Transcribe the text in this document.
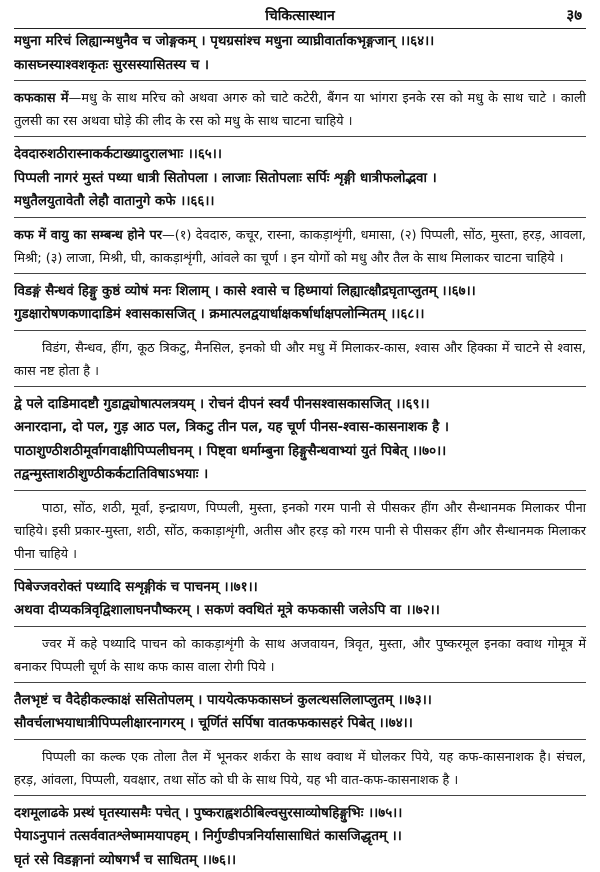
चिकित्सास्थान	३७
मधुना मरिचं लिह्यान्मधुनैव च जोङ्गकम् । पृथग्रसांश्च मधुना व्याघ्रीवार्ताकभृङ्गजान् ।।६४।।
कासघ्नस्याश्वशकृतः सुरसस्यासितस्य च ।

कफकास में—मधु के साथ मरिच को अथवा अगरु को चाटे कटेरी, बैंगन या भांगरा इनके रस को मधु के साथ चाटे । काली तुलसी का रस अथवा घोड़े की लीद के रस को मधु के साथ चाटना चाहिये ।

देवदारुशठीरास्नाकर्कटाख्यादुरालभाः ।।६५।।
पिप्पली नागरं मुस्तं पथ्या धात्री सितोपला । लाजाः सितोपलाः सर्पिः शृङ्गी धात्रीफलोद्भवा ।
मधुतैलयुतावेतौ लेहौ वातानुगे कफे ।।६६।।

कफ में वायु का सम्बन्ध होने पर—(१) देवदारु, कचूर, रास्ना, काकड़ाशृंगी, धमासा, (२) पिप्पली, सोंठ, मुस्ता, हरड़, आवला, मिश्री; (३) लाजा, मिश्री, घी, काकड़ाशृंगी, आंवले का चूर्ण । इन योगों को मधु और तैल के साथ मिलाकर चाटना चाहिये ।

विडङ्गं सैन्धवं हिङ्गु कुष्ठं व्योषं मनः शिलाम् । कासे श्वासे च हिध्मायां लिह्यात्क्षौद्रघृताप्लुतम् ।।६७।।
गुडक्षारोषणकणादाडिमं श्वासकासजित् । क्रमात्पलद्वयार्धाक्षकर्षार्धाक्षपलोन्मितम् ।।६८।।

विडंग, सैन्धव, हींग, कूठ त्रिकटु, मैनसिल, इनको घी और मधु में मिलाकर-कास, श्वास और हिक्का में चाटने से श्वास, कास नष्ट होता है ।

द्वे पले दाडिमादष्टौ गुडाद्व्योषात्पलत्रयम् । रोचनं दीपनं स्वर्यं पीनसश्वासकासजित् ।।६९।।
अनारदाना, दो पल, गुड़ आठ पल, त्रिकटु तीन पल, यह चूर्ण पीनस-श्वास-कासनाशक है ।
पाठाशुण्ठीशठीमूर्वागवाक्षीपिप्पलीघनम् । पिष्ट्वा धर्माम्बुना हिङ्गुसैन्धवाभ्यां युतं पिबेत् ।।७०।।
तद्वन्मुस्ताशठीशुण्ठीकर्कटातिविषाऽभयाः ।

पाठा, सोंठ, शठी, मूर्वा, इन्द्रायण, पिप्पली, मुस्ता, इनको गरम पानी से पीसकर हींग और सैन्धानमक मिलाकर पीना चाहिये। इसी प्रकार-मुस्ता, शठी, सोंठ, ककाड़ाशृंगी, अतीस और हरड़ को गरम पानी से पीसकर हींग और सैन्धानमक मिलाकर पीना चाहिये ।

पिबेज्जवरोक्तं पथ्यादि सशृङ्गीकं च पाचनम् ।।७१।।
अथवा दीप्यकत्रिवृद्विशालाघनपौष्करम् । सकणं क्वथितं मूत्रे कफकासी जलेऽपि वा ।।७२।।

ज्वर में कहे पथ्यादि पाचन को काकड़ाशृंगी के साथ अजवायन, त्रिवृत, मुस्ता, और पुष्करमूल इनका क्वाथ गोमूत्र में बनाकर पिप्पली चूर्ण के साथ कफ कास वाला रोगी पिये ।

तैलभृष्टं च वैदेहीकल्काक्षं ससितोपलम् । पाययेत्कफकासघ्नं कुलत्थसलिलाप्लुतम् ।।७३।।
सौवर्चलाभयाधात्रीपिप्पलीक्षारनागरम् । चूर्णितं सर्पिषा वातकफकासहरं पिबेत् ।।७४।।

पिप्पली का कल्क एक तोला तैल में भूनकर शर्करा के साथ क्वाथ में घोलकर पिये, यह कफ-कासनाशक है। संचल, हरड़, आंवला, पिप्पली, यवक्षार, तथा सोंठ को घी के साथ पिये, यह भी वात-कफ-कासनाशक है ।

दशमूलाढके प्रस्थं घृतस्यासमैः पचेत् । पुष्कराह्वशठीबिल्वसुरसाव्योषहिङ्गुभिः ।।७५।।
पेयाऽनुपानं तत्सर्ववातश्लेष्मामयापहम् । निर्गुण्डीपत्रनिर्यासासाधितं कासजिद्धृतम् ।।
घृतं रसे विडङ्गानां व्योषगर्भं च साधितम् ।।७६।।
